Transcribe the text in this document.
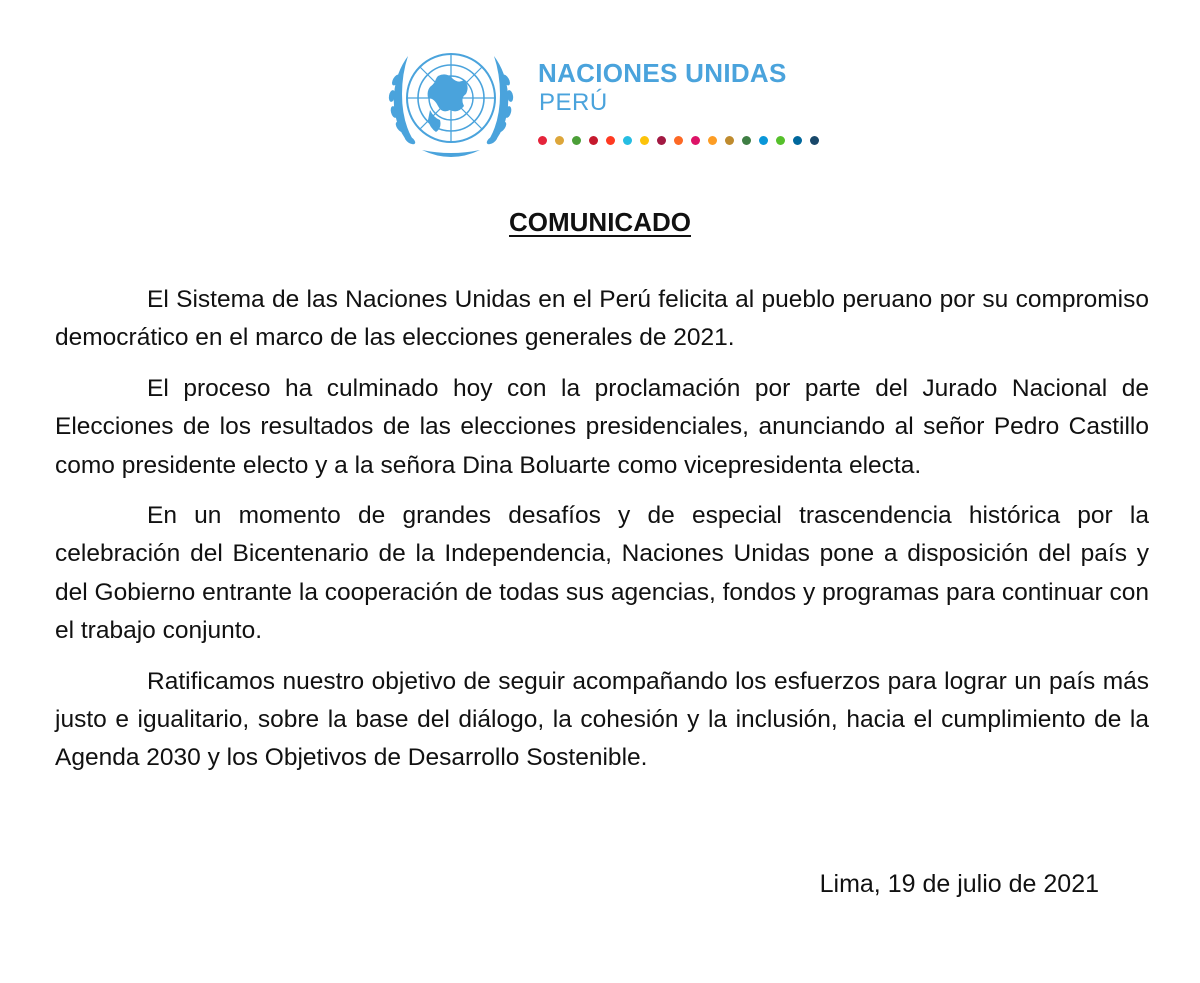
NACIONES UNIDAS
PERÚ
COMUNICADO

El Sistema de las Naciones Unidas en el Perú felicita al pueblo peruano por su compromiso democrático en el marco de las elecciones generales de 2021.

El proceso ha culminado hoy con la proclamación por parte del Jurado Nacional de Elecciones de los resultados de las elecciones presidenciales, anunciando al señor Pedro Castillo como presidente electo y a la señora Dina Boluarte como vicepresidenta electa.

En un momento de grandes desafíos y de especial trascendencia histórica por la celebración del Bicentenario de la Independencia, Naciones Unidas pone a disposición del país y del Gobierno entrante la cooperación de todas sus agencias, fondos y programas para continuar con el trabajo conjunto.

Ratificamos nuestro objetivo de seguir acompañando los esfuerzos para lograr un país más justo e igualitario, sobre la base del diálogo, la cohesión y la inclusión, hacia el cumplimiento de la Agenda 2030 y los Objetivos de Desarrollo Sostenible.

Lima, 19 de julio de 2021
